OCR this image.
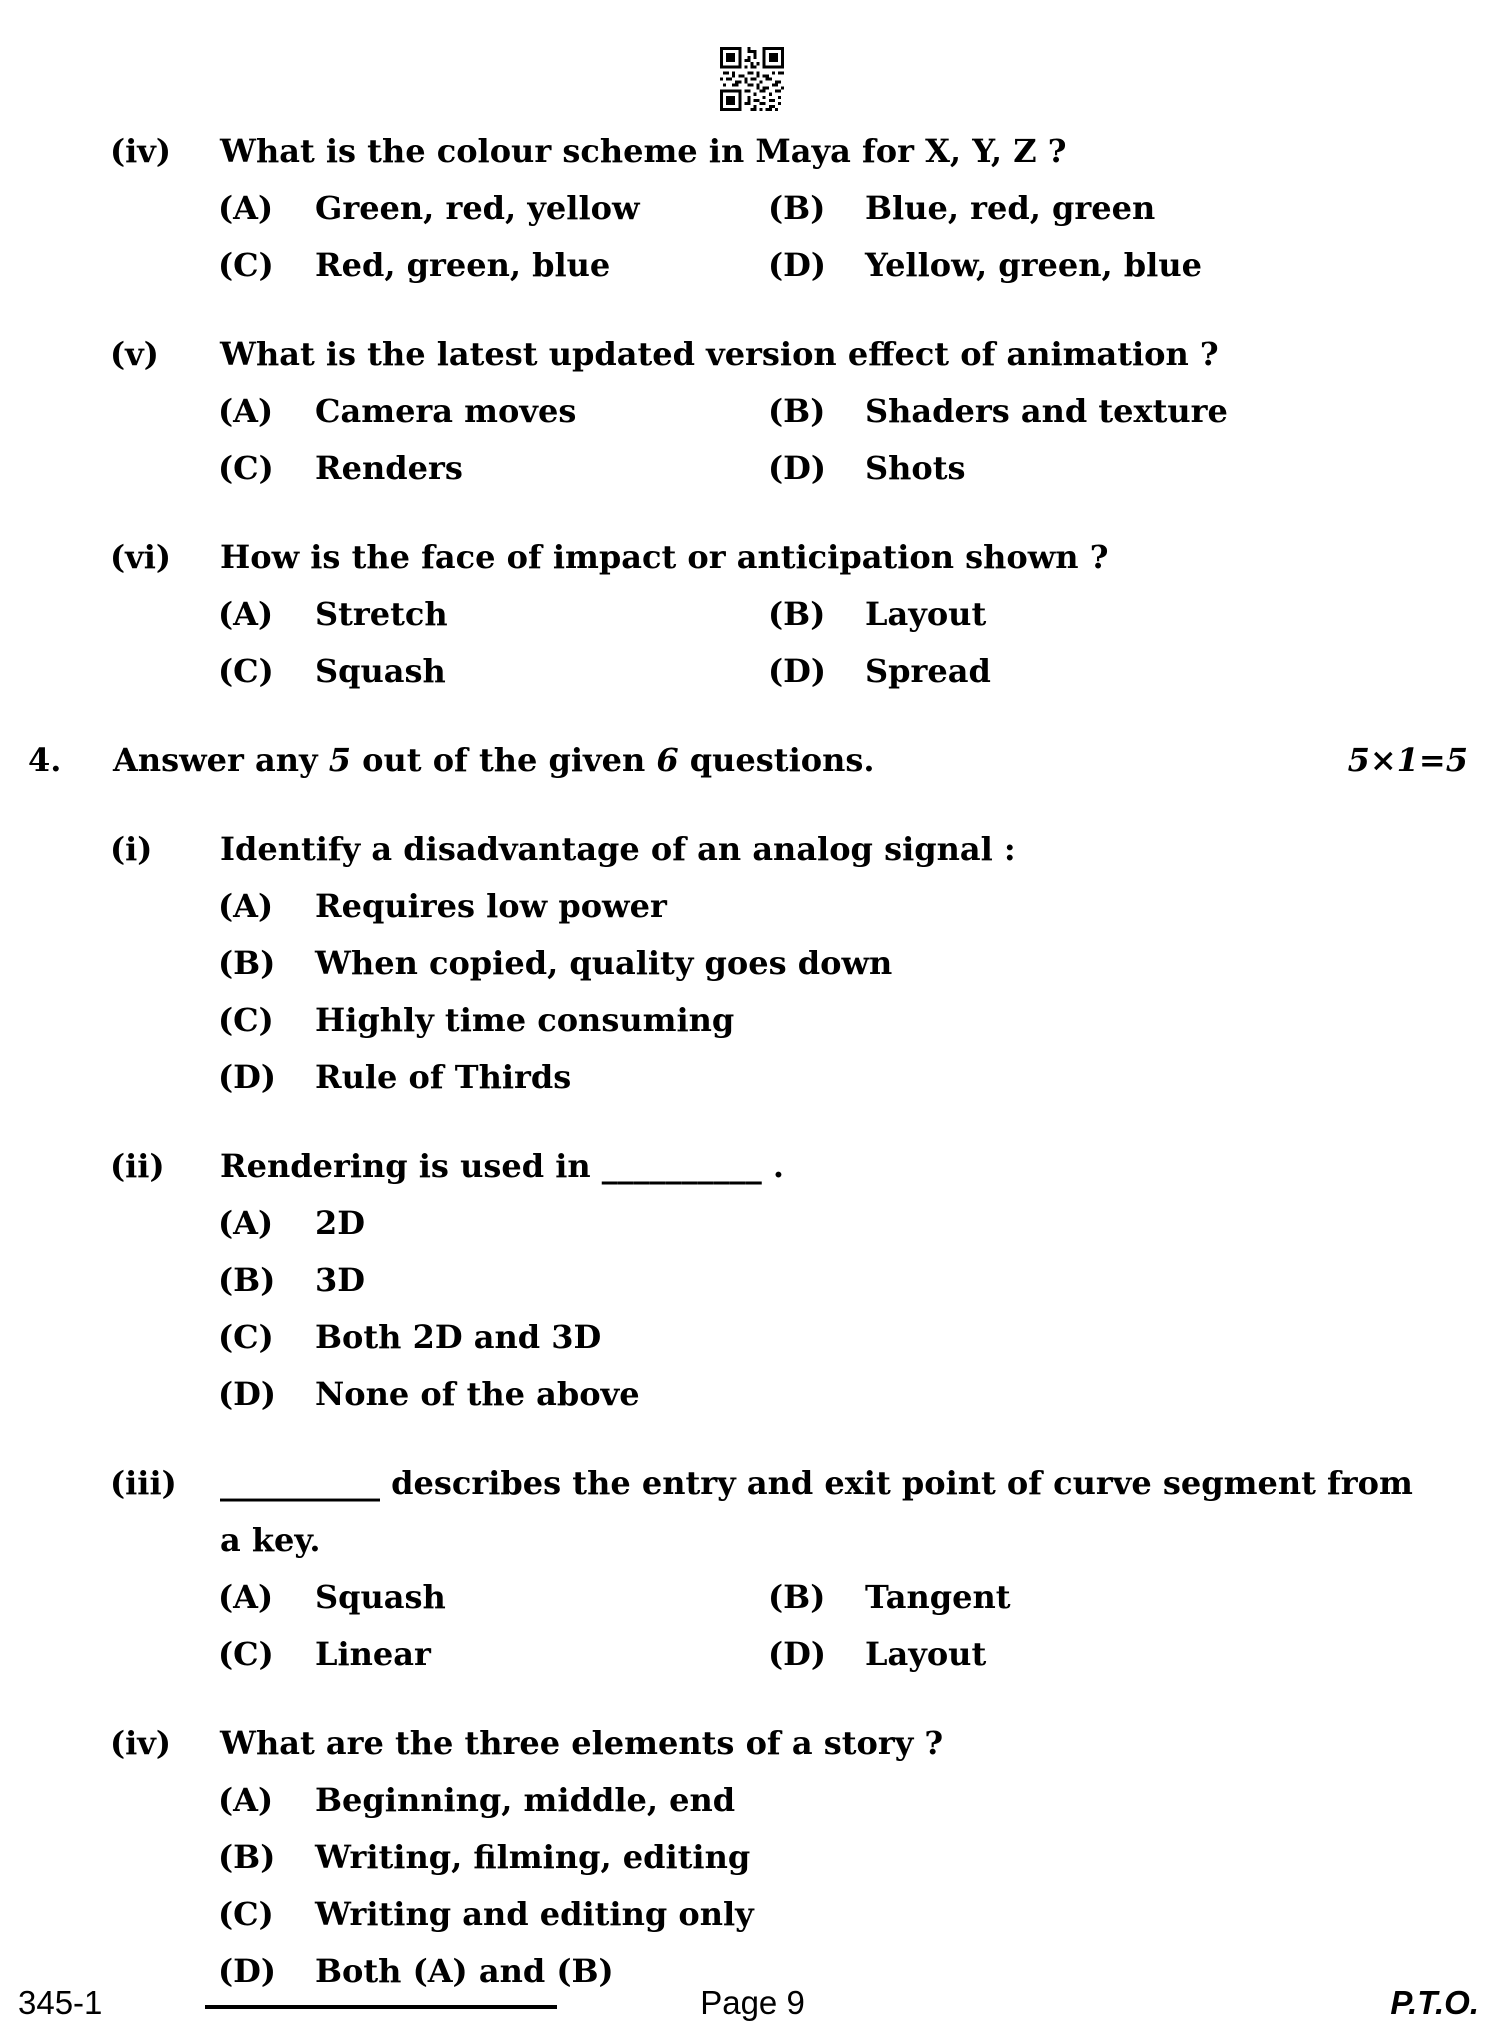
(iv)	What is the colour scheme in Maya for X, Y, Z ?
(A)	Green, red, yellow	(B)	Blue, red, green
(C)	Red, green, blue	(D)	Yellow, green, blue
(v)	What is the latest updated version effect of animation ?
(A)	Camera moves	(B)	Shaders and texture
(C)	Renders	(D)	Shots
(vi)	How is the face of impact or anticipation shown ?
(A)	Stretch	(B)	Layout
(C)	Squash	(D)	Spread
4.	Answer any 5 out of the given 6 questions.	5×1=5
(i)	Identify a disadvantage of an analog signal :
(A)	Requires low power
(B)	When copied, quality goes down
(C)	Highly time consuming
(D)	Rule of Thirds
(ii)	Rendering is used in __________ .
(A)	2D
(B)	3D
(C)	Both 2D and 3D
(D)	None of the above
(iii)	__________ describes the entry and exit point of curve segment from
a key.
(A)	Squash	(B)	Tangent
(C)	Linear	(D)	Layout
(iv)	What are the three elements of a story ?
(A)	Beginning, middle, end
(B)	Writing, filming, editing
(C)	Writing and editing only
(D)	Both (A) and (B)
345-1	Page 9	P.T.O.
